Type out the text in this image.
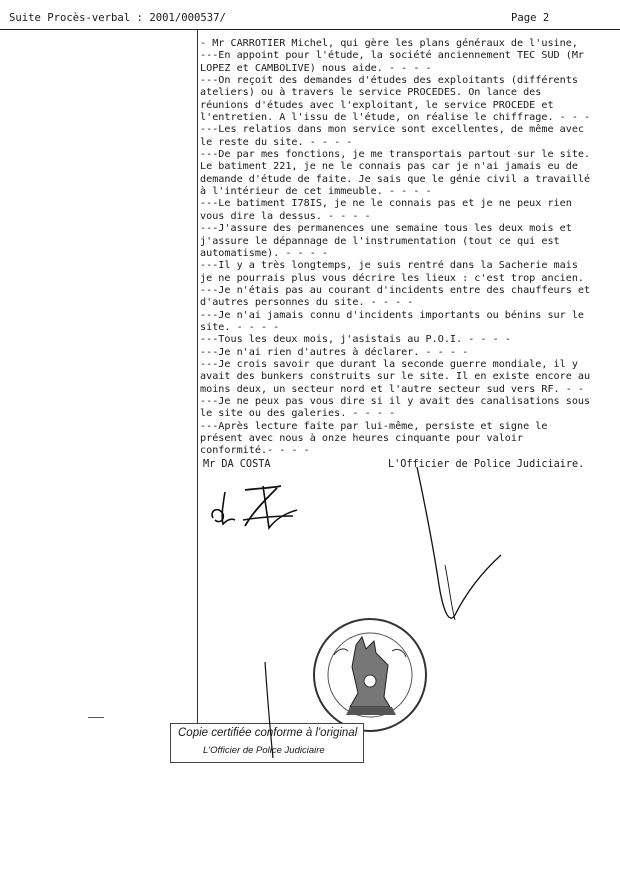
Suite Procès-verbal : 2001/000537/	Page 2
- Mr CARROTIER Michel, qui gère les plans généraux de l'usine,
---En appoint pour l'étude, la société anciennement TEC SUD (Mr
LOPEZ et CAMBOLIVE) nous aide. - - - -
---On reçoit des demandes d'études des exploitants (différents
ateliers) ou à travers le service PROCEDES. On lance des
réunions d'études avec l'exploitant, le service PROCEDE et
l'entretien. A l'issu de l'étude, on réalise le chiffrage. - - -
---Les relatios dans mon service sont excellentes, de même avec
le reste du site. - - - -
---De par mes fonctions, je me transportais partout sur le site.
Le batiment 221, je ne le connais pas car je n'ai jamais eu de
demande d'étude de faite. Je sais que le génie civil a travaillé
à l'intérieur de cet immeuble. - - - -
---Le batiment I78IS, je ne le connais pas et je ne peux rien
vous dire la dessus. - - - -
---J'assure des permanences une semaine tous les deux mois et
j'assure le dépannage de l'instrumentation (tout ce qui est
automatisme). - - - -
---Il y a très longtemps, je suis rentré dans la Sacherie mais
je ne pourrais plus vous décrire les lieux : c'est trop ancien.
---Je n'étais pas au courant d'incidents entre des chauffeurs et
d'autres personnes du site. - - - -
---Je n'ai jamais connu d'incidents importants ou bénins sur le
site. - - - -
---Tous les deux mois, j'asistais au P.O.I. - - - -
---Je n'ai rien d'autres à déclarer. - - - -
---Je crois savoir que durant la seconde guerre mondiale, il y
avait des bunkers construits sur le site. Il en existe encore au
moins deux, un secteur nord et l'autre secteur sud vers RF. - -
---Je ne peux pas vous dire si il y avait des canalisations sous
le site ou des galeries. - - - -
---Après lecture faite par lui-même, persiste et signe le
présent avec nous à onze heures cinquante pour valoir
conformité.- - - -
Mr DA COSTA	L'Officier de Police Judiciaire.
Copie certifiée conforme à l'original
L'Officier de Police Judiciaire
